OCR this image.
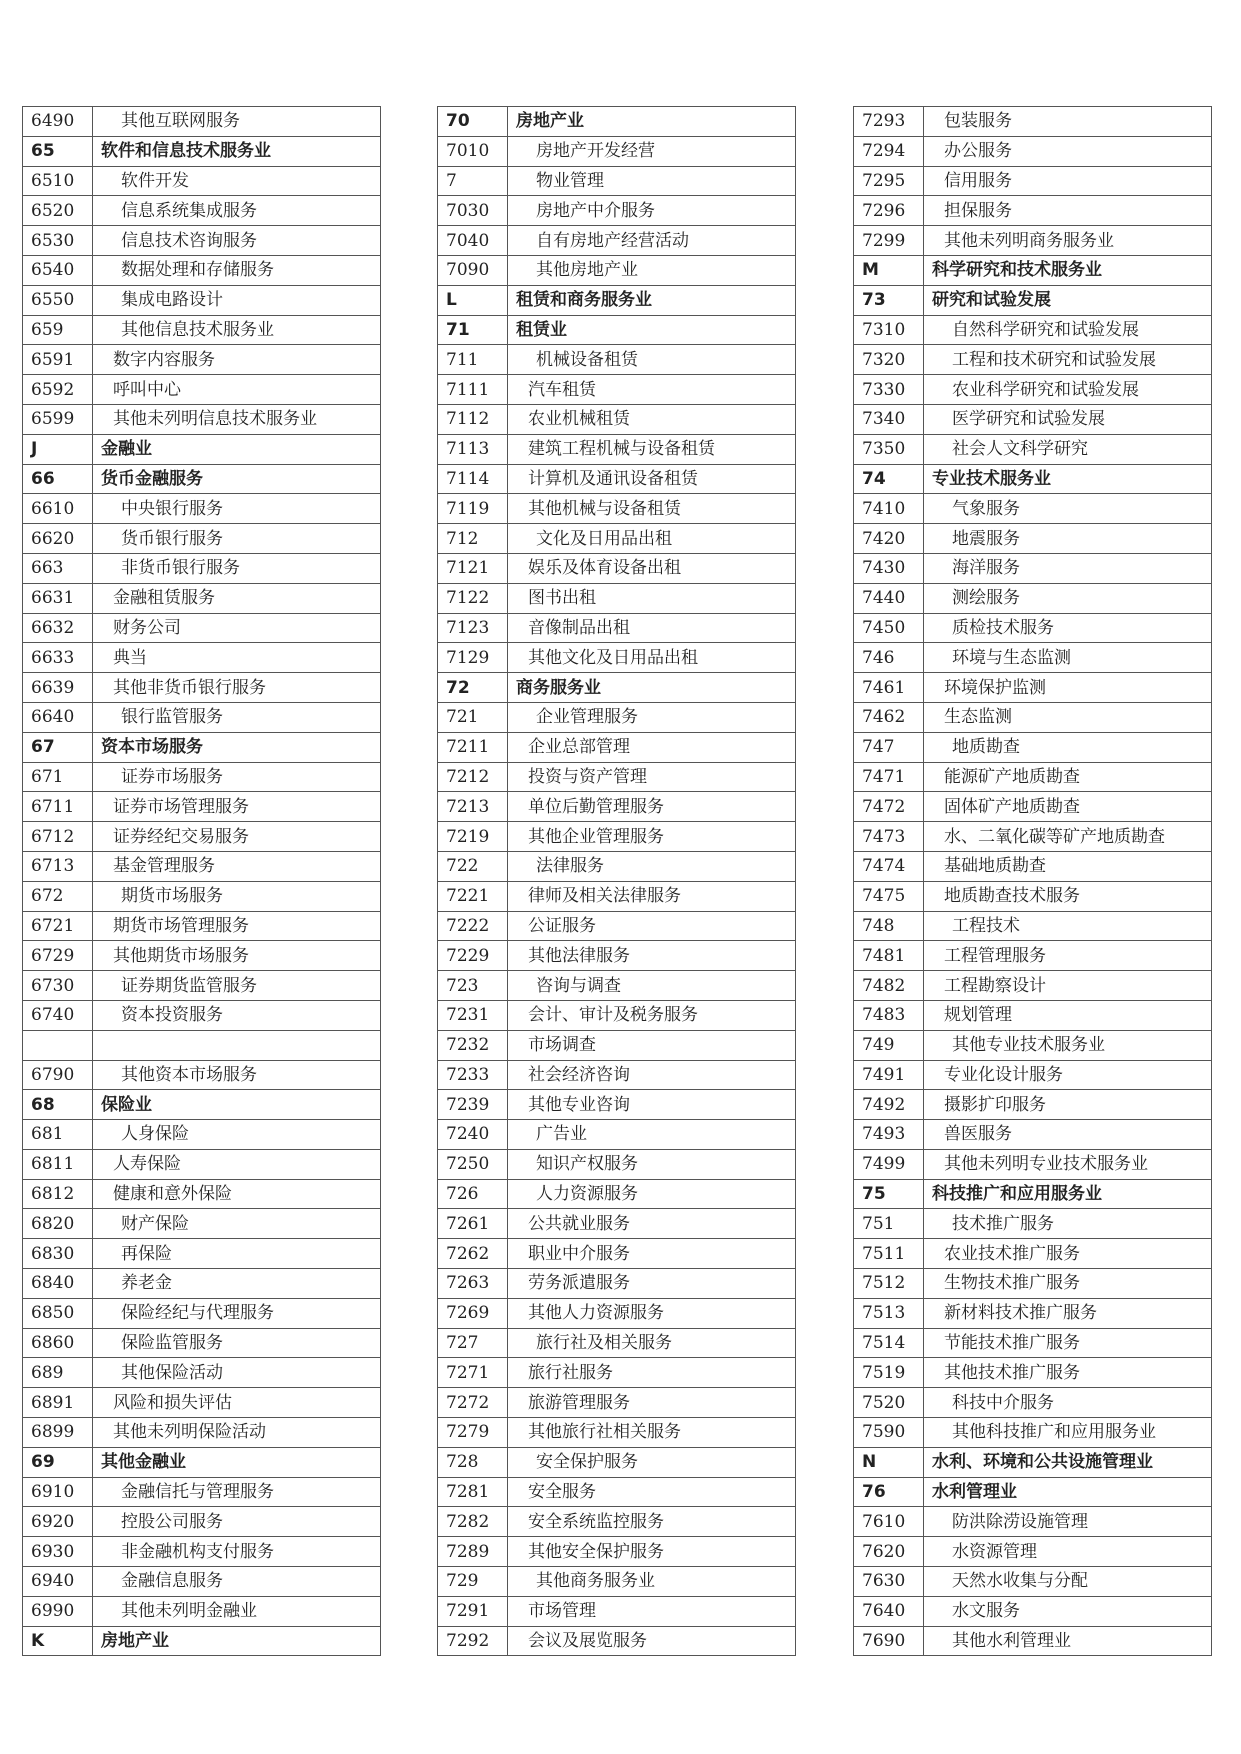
6490	其他互联网服务
65	软件和信息技术服务业
6510	软件开发
6520	信息系统集成服务
6530	信息技术咨询服务
6540	数据处理和存储服务
6550	集成电路设计
659	其他信息技术服务业
6591	数字内容服务
6592	呼叫中心
6599	其他未列明信息技术服务业
J	金融业
66	货币金融服务
6610	中央银行服务
6620	货币银行服务
663	非货币银行服务
6631	金融租赁服务
6632	财务公司
6633	典当
6639	其他非货币银行服务
6640	银行监管服务
67	资本市场服务
671	证券市场服务
6711	证券市场管理服务
6712	证券经纪交易服务
6713	基金管理服务
672	期货市场服务
6721	期货市场管理服务
6729	其他期货市场服务
6730	证券期货监管服务
6740	资本投资服务

6790	其他资本市场服务
68	保险业
681	人身保险
6811	人寿保险
6812	健康和意外保险
6820	财产保险
6830	再保险
6840	养老金
6850	保险经纪与代理服务
6860	保险监管服务
689	其他保险活动
6891	风险和损失评估
6899	其他未列明保险活动
69	其他金融业
6910	金融信托与管理服务
6920	控股公司服务
6930	非金融机构支付服务
6940	金融信息服务
6990	其他未列明金融业
K	房地产业
70	房地产业
7010	房地产开发经营
7	物业管理
7030	房地产中介服务
7040	自有房地产经营活动
7090	其他房地产业
L	租赁和商务服务业
71	租赁业
711	机械设备租赁
7111	汽车租赁
7112	农业机械租赁
7113	建筑工程机械与设备租赁
7114	计算机及通讯设备租赁
7119	其他机械与设备租赁
712	文化及日用品出租
7121	娱乐及体育设备出租
7122	图书出租
7123	音像制品出租
7129	其他文化及日用品出租
72	商务服务业
721	企业管理服务
7211	企业总部管理
7212	投资与资产管理
7213	单位后勤管理服务
7219	其他企业管理服务
722	法律服务
7221	律师及相关法律服务
7222	公证服务
7229	其他法律服务
723	咨询与调查
7231	会计、审计及税务服务
7232	市场调查
7233	社会经济咨询
7239	其他专业咨询
7240	广告业
7250	知识产权服务
726	人力资源服务
7261	公共就业服务
7262	职业中介服务
7263	劳务派遣服务
7269	其他人力资源服务
727	旅行社及相关服务
7271	旅行社服务
7272	旅游管理服务
7279	其他旅行社相关服务
728	安全保护服务
7281	安全服务
7282	安全系统监控服务
7289	其他安全保护服务
729	其他商务服务业
7291	市场管理
7292	会议及展览服务
7293	包装服务
7294	办公服务
7295	信用服务
7296	担保服务
7299	其他未列明商务服务业
M	科学研究和技术服务业
73	研究和试验发展
7310	自然科学研究和试验发展
7320	工程和技术研究和试验发展
7330	农业科学研究和试验发展
7340	医学研究和试验发展
7350	社会人文科学研究
74	专业技术服务业
7410	气象服务
7420	地震服务
7430	海洋服务
7440	测绘服务
7450	质检技术服务
746	环境与生态监测
7461	环境保护监测
7462	生态监测
747	地质勘查
7471	能源矿产地质勘查
7472	固体矿产地质勘查
7473	水、二氧化碳等矿产地质勘查
7474	基础地质勘查
7475	地质勘查技术服务
748	工程技术
7481	工程管理服务
7482	工程勘察设计
7483	规划管理
749	其他专业技术服务业
7491	专业化设计服务
7492	摄影扩印服务
7493	兽医服务
7499	其他未列明专业技术服务业
75	科技推广和应用服务业
751	技术推广服务
7511	农业技术推广服务
7512	生物技术推广服务
7513	新材料技术推广服务
7514	节能技术推广服务
7519	其他技术推广服务
7520	科技中介服务
7590	其他科技推广和应用服务业
N	水利、环境和公共设施管理业
76	水利管理业
7610	防洪除涝设施管理
7620	水资源管理
7630	天然水收集与分配
7640	水文服务
7690	其他水利管理业
